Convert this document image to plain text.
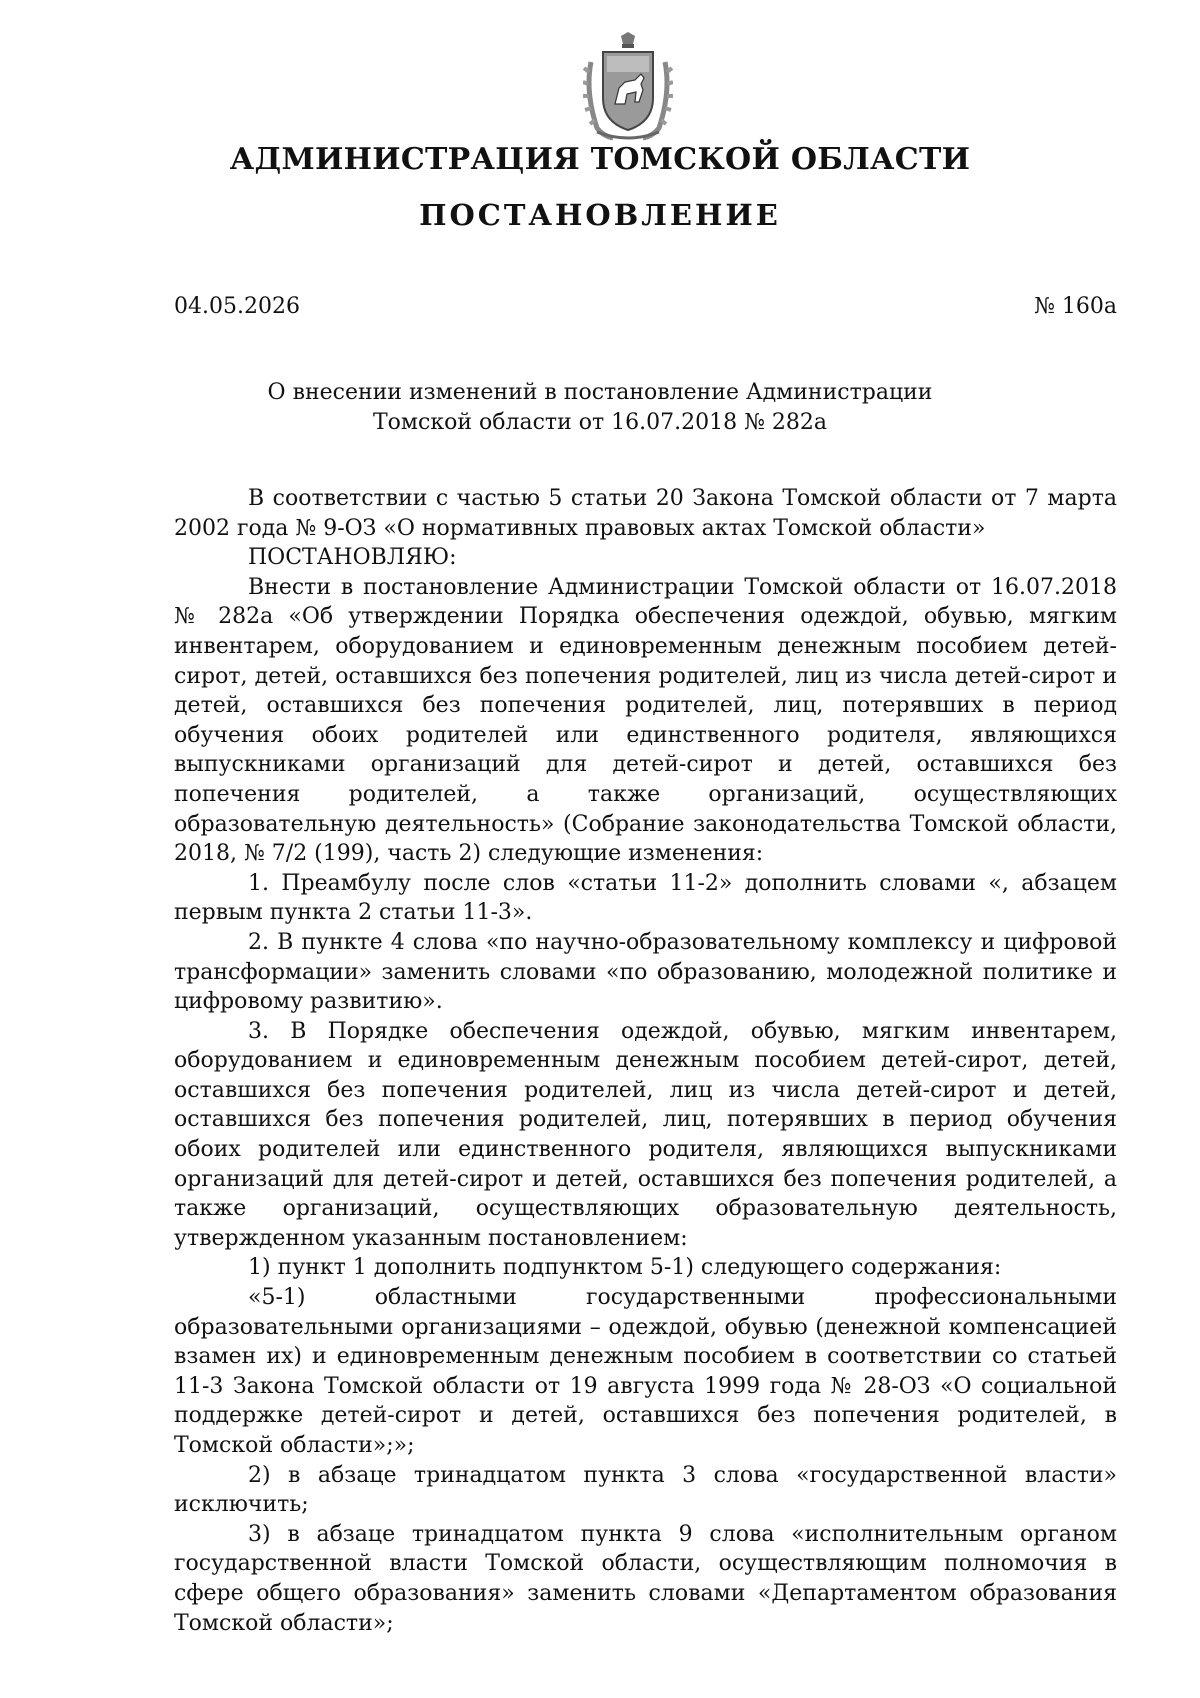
АДМИНИСТРАЦИЯ ТОМСКОЙ ОБЛАСТИ
ПОСТАНОВЛЕНИЕ
04.05.2026	№ 160а
О внесении изменений в постановление Администрации
Томской области от 16.07.2018 № 282а

В соответствии с частью 5 статьи 20 Закона Томской области от 7 марта 2002 года № 9-ОЗ «О нормативных правовых актах Томской области»

ПОСТАНОВЛЯЮ:

Внести в постановление Администрации Томской области от 16.07.2018 № 282а «Об утверждении Порядка обеспечения одеждой, обувью, мягким инвентарем, оборудованием и единовременным денежным пособием детей-сирот, детей, оставшихся без попечения родителей, лиц из числа детей-сирот и детей, оставшихся без попечения родителей, лиц, потерявших в период обучения обоих родителей или единственного родителя, являющихся выпускниками организаций для детей-сирот и детей, оставшихся без попечения родителей, а также организаций, осуществляющих образовательную деятельность» (Собрание законодательства Томской области, 2018, № 7/2 (199), часть 2) следующие изменения:

1. Преамбулу после слов «статьи 11-2» дополнить словами «, абзацем первым пункта 2 статьи 11-3».

2. В пункте 4 слова «по научно-образовательному комплексу и цифровой трансформации» заменить словами «по образованию, молодежной политике и цифровому развитию».

3. В Порядке обеспечения одеждой, обувью, мягким инвентарем, оборудованием и единовременным денежным пособием детей-сирот, детей, оставшихся без попечения родителей, лиц из числа детей-сирот и детей, оставшихся без попечения родителей, лиц, потерявших в период обучения обоих родителей или единственного родителя, являющихся выпускниками организаций для детей-сирот и детей, оставшихся без попечения родителей, а также организаций, осуществляющих образовательную деятельность, утвержденном указанным постановлением:

1) пункт 1 дополнить подпунктом 5-1) следующего содержания:

«5-1) областными государственными профессиональными образовательными организациями – одеждой, обувью (денежной компенсацией взамен их) и единовременным денежным пособием в соответствии со статьей 11-3 Закона Томской области от 19 августа 1999 года № 28-ОЗ «О социальной поддержке детей-сирот и детей, оставшихся без попечения родителей, в Томской области»;»;

2) в абзаце тринадцатом пункта 3 слова «государственной власти» исключить;

3) в абзаце тринадцатом пункта 9 слова «исполнительным органом государственной власти Томской области, осуществляющим полномочия в сфере общего образования» заменить словами «Департаментом образования Томской области»;
